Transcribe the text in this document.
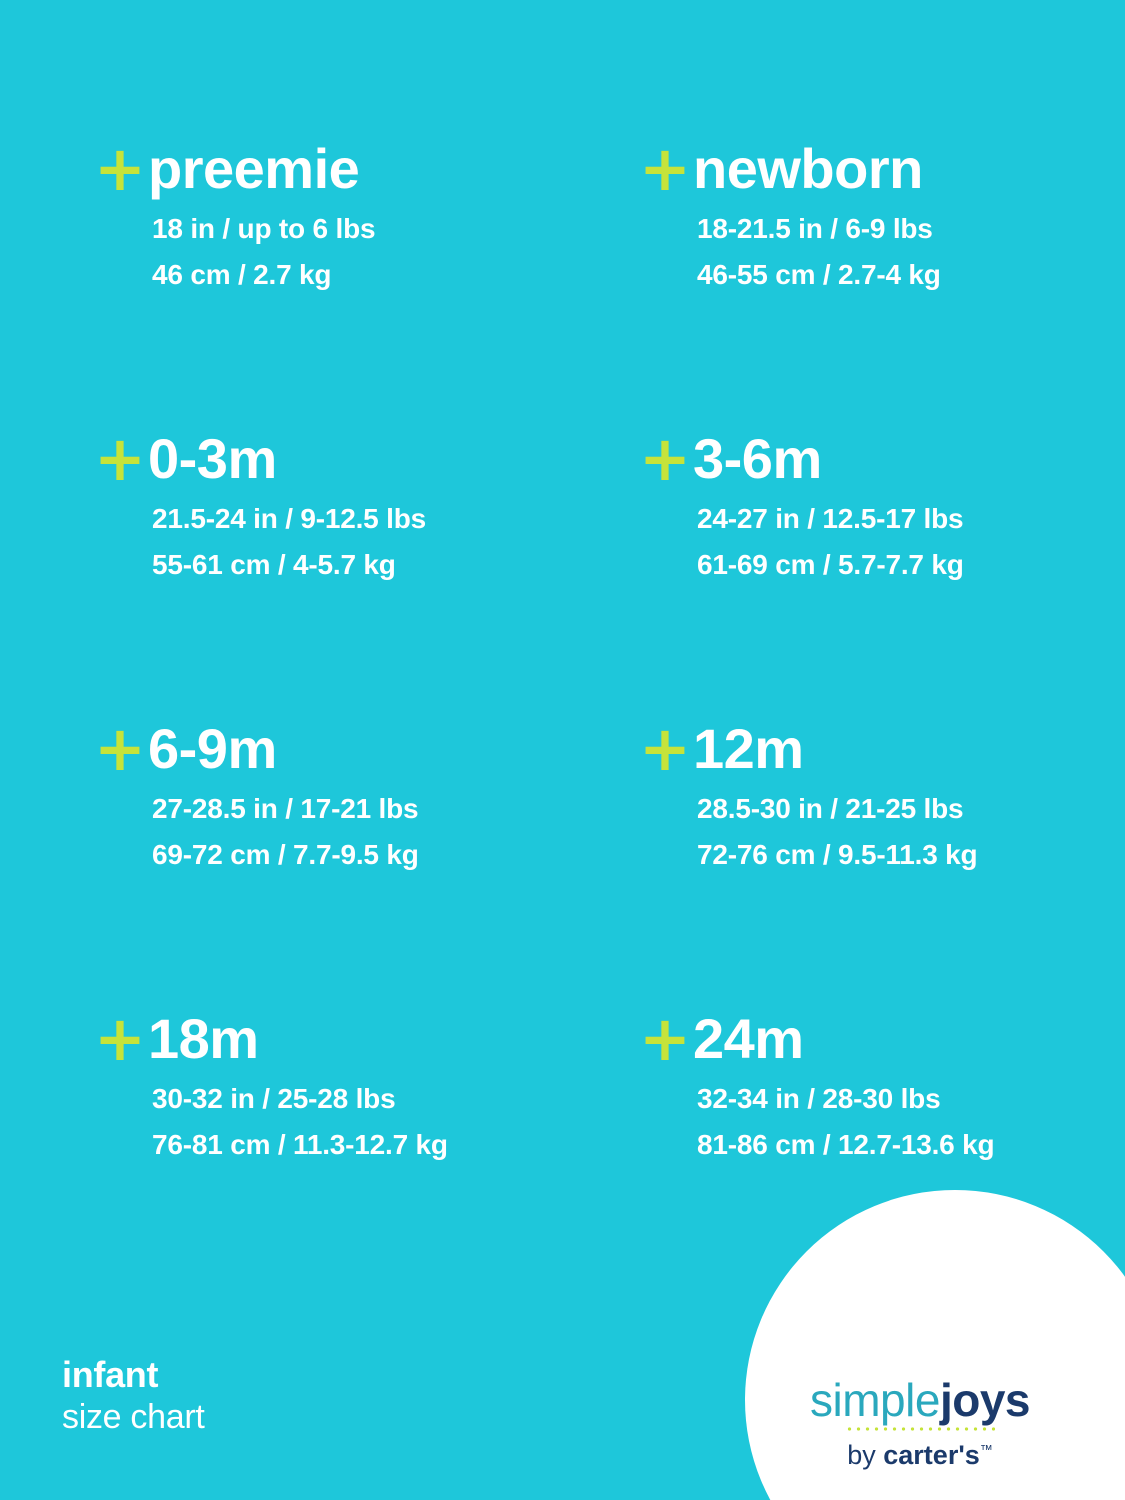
+ preemie
18 in / up to 6 lbs
46 cm / 2.7 kg
+ newborn
18-21.5 in / 6-9 lbs
46-55 cm / 2.7-4 kg
+ 0-3m
21.5-24 in / 9-12.5 lbs
55-61 cm / 4-5.7 kg
+ 3-6m
24-27 in / 12.5-17 lbs
61-69 cm / 5.7-7.7 kg
+ 6-9m
27-28.5 in / 17-21 lbs
69-72 cm / 7.7-9.5 kg
+ 12m
28.5-30 in / 21-25 lbs
72-76 cm / 9.5-11.3 kg
+ 18m
30-32 in / 25-28 lbs
76-81 cm / 11.3-12.7 kg
+ 24m
32-34 in / 28-30 lbs
81-86 cm / 12.7-13.6 kg
infant
size chart	simplejoys
by carter's™
